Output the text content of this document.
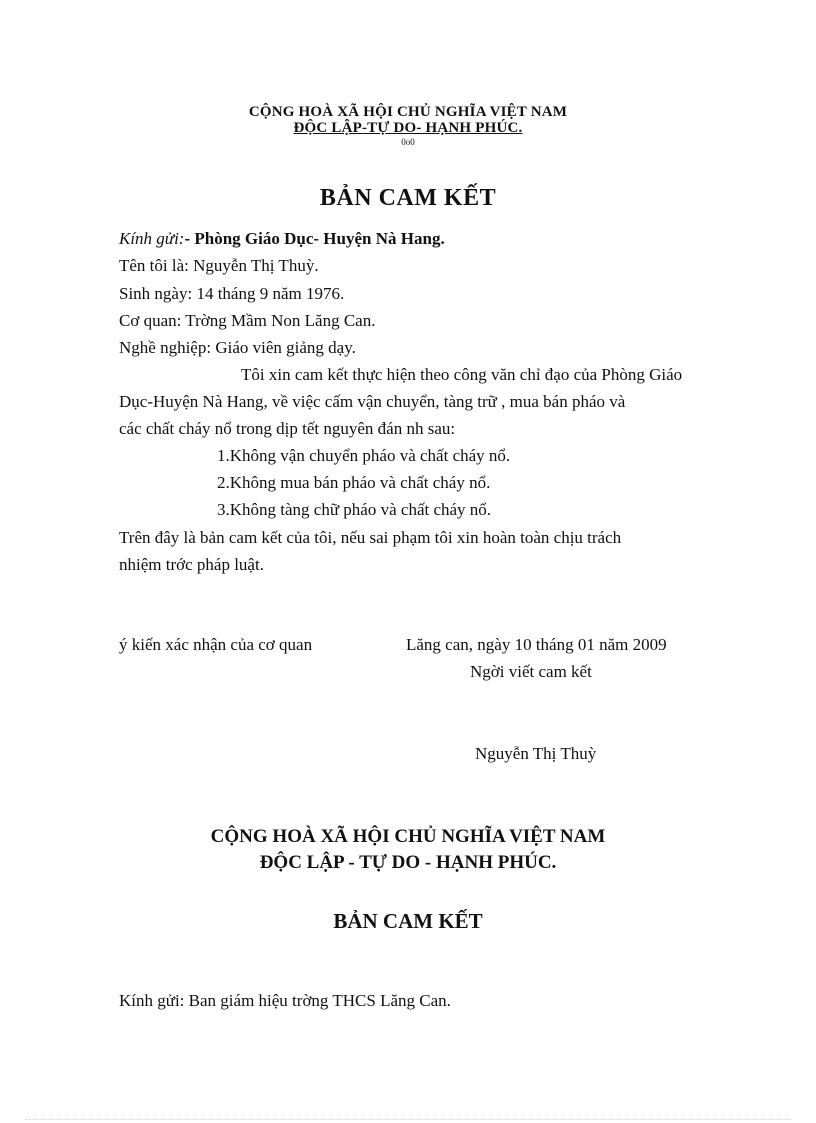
CỘNG HOÀ XÃ HỘI CHỦ NGHĨA VIỆT NAM
ĐỘC LẬP-TỰ DO- HẠNH PHÚC.
0o0
BẢN CAM KẾT
Kính gửi:- Phòng Giáo Dục- Huyện Nà Hang.
Tên tôi là: Nguyễn Thị Thuỳ.
Sinh ngày: 14 tháng 9 năm 1976.
Cơ quan: Trờng Mầm Non Lăng Can.
Nghề nghiệp: Giáo viên giảng dạy.
Tôi xin cam kết thực hiện theo công văn chỉ đạo của Phòng Giáo
Dục-Huyện Nà Hang, về việc cấm vận chuyển, tàng trữ , mua bán pháo và
các chất cháy nổ trong dịp tết nguyên đán nh sau:
1.Không vận chuyển pháo và chất cháy nổ.
2.Không mua bán pháo và chất cháy nổ.
3.Không tàng chữ pháo và chất cháy nổ.
Trên đây là bản cam kết của tôi, nếu sai phạm tôi xin hoàn toàn chịu trách
nhiệm trớc pháp luật.
ý kiến xác nhận của cơ quan	Lăng can, ngày 10 tháng 01 năm 2009
Ngời viết cam kết
Nguyễn Thị Thuỳ
CỘNG HOÀ XÃ HỘI CHỦ NGHĨA VIỆT NAM
ĐỘC LẬP - TỰ DO - HẠNH PHÚC.
BẢN CAM KẾT
Kính gửi: Ban giám hiệu trờng THCS Lăng Can.
